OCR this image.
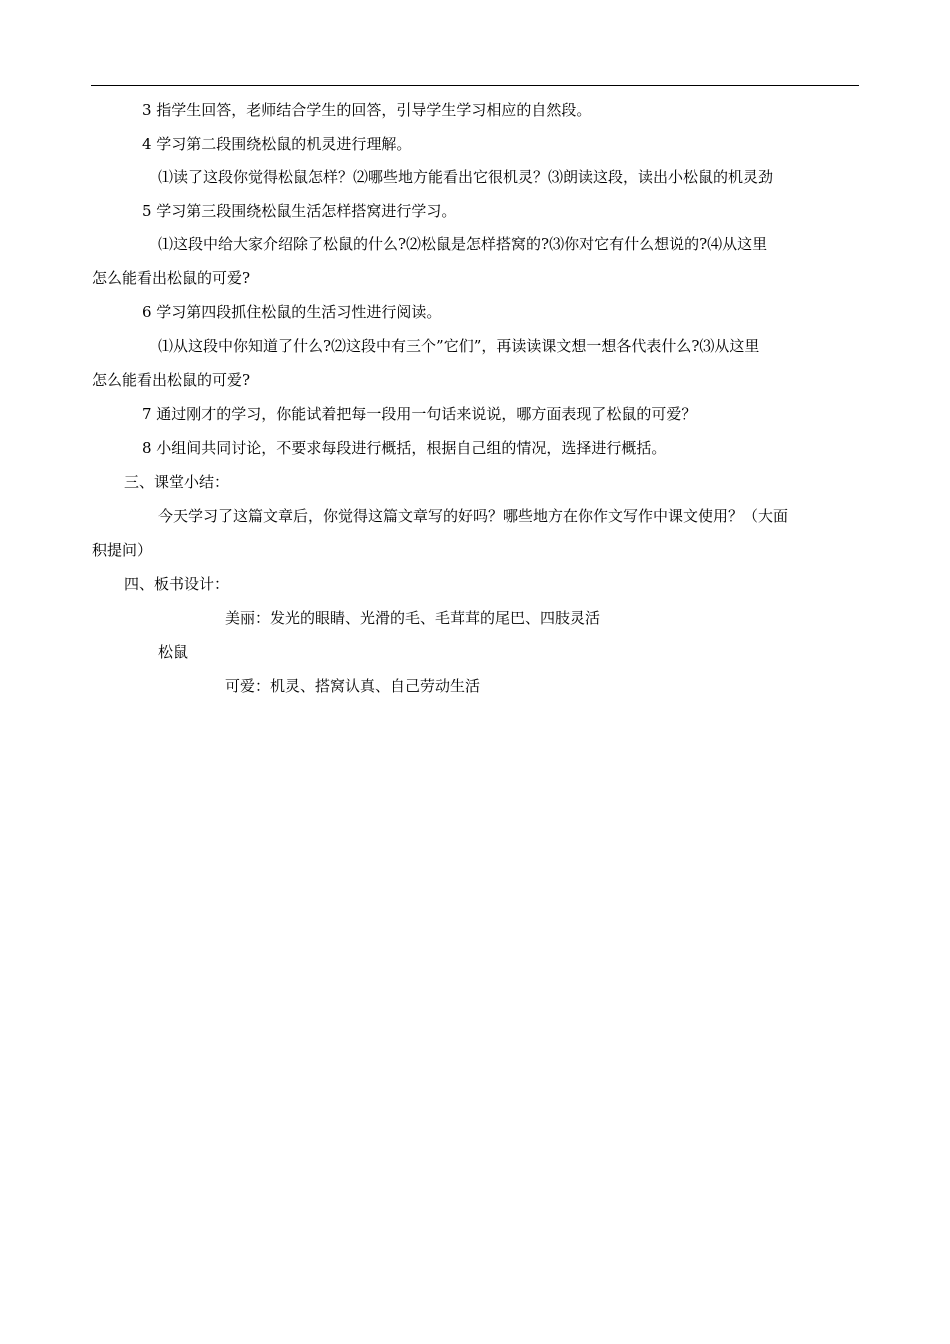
3 指学生回答，老师结合学生的回答，引导学生学习相应的自然段。
4 学习第二段围绕松鼠的机灵进行理解。
⑴读了这段你觉得松鼠怎样？⑵哪些地方能看出它很机灵？⑶朗读这段，读出小松鼠的机灵劲
5 学习第三段围绕松鼠生活怎样搭窝进行学习。
⑴这段中给大家介绍除了松鼠的什么?⑵松鼠是怎样搭窝的?⑶你对它有什么想说的?⑷从这里
怎么能看出松鼠的可爱?
6 学习第四段抓住松鼠的生活习性进行阅读。
⑴从这段中你知道了什么?⑵这段中有三个”它们”，再读读课文想一想各代表什么?⑶从这里
怎么能看出松鼠的可爱?
7 通过刚才的学习，你能试着把每一段用一句话来说说，哪方面表现了松鼠的可爱？
8 小组间共同讨论，不要求每段进行概括，根据自己组的情况，选择进行概括。
三、课堂小结：
今天学习了这篇文章后，你觉得这篇文章写的好吗？哪些地方在你作文写作中课文使用？（大面
积提问）
四、板书设计：
美丽：发光的眼睛、光滑的毛、毛茸茸的尾巴、四肢灵活
松鼠
可爱：机灵、搭窝认真、自己劳动生活
